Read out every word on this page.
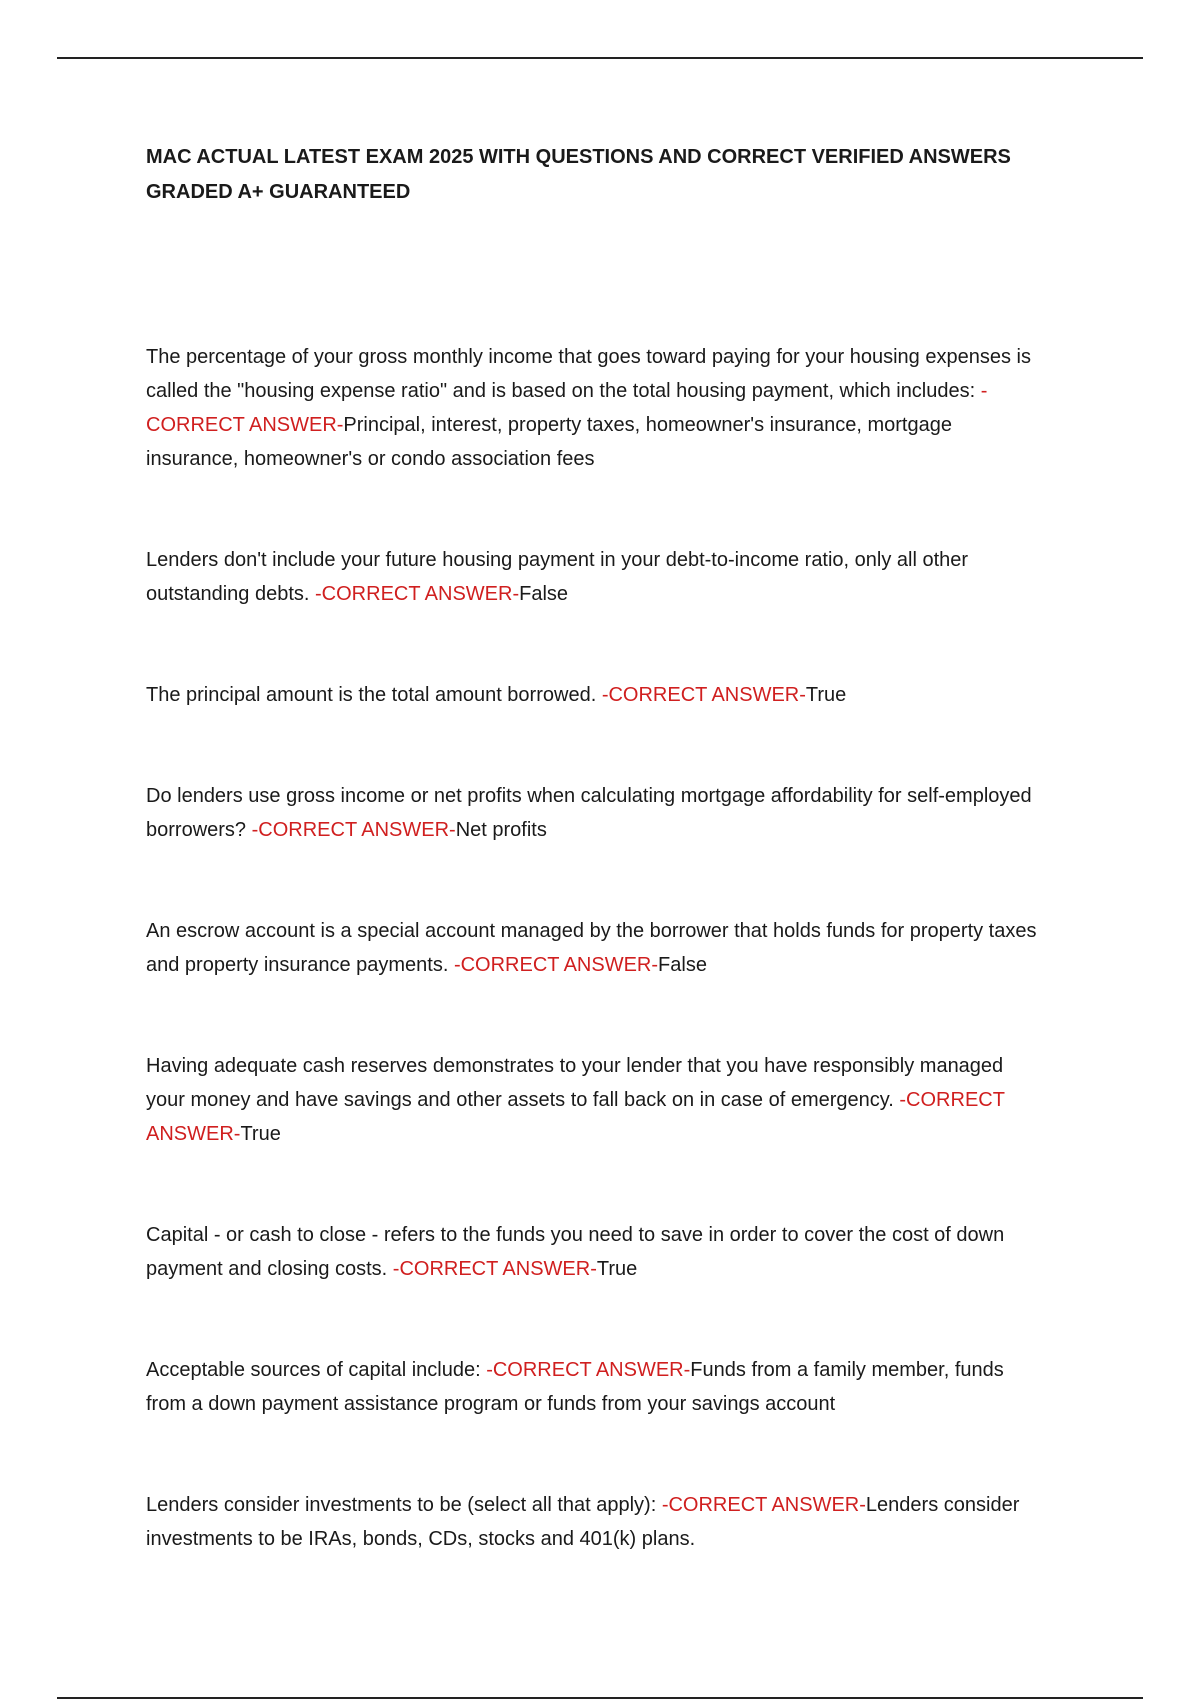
MAC ACTUAL LATEST EXAM 2025 WITH QUESTIONS AND CORRECT VERIFIED ANSWERS GRADED A+ GUARANTEED

The percentage of your gross monthly income that goes toward paying for your housing expenses is called the "housing expense ratio" and is based on the total housing payment, which includes: -CORRECT ANSWER-Principal, interest, property taxes, homeowner's insurance, mortgage insurance, homeowner's or condo association fees

Lenders don't include your future housing payment in your debt-to-income ratio, only all other outstanding debts. -CORRECT ANSWER-False

The principal amount is the total amount borrowed. -CORRECT ANSWER-True

Do lenders use gross income or net profits when calculating mortgage affordability for self-employed borrowers? -CORRECT ANSWER-Net profits

An escrow account is a special account managed by the borrower that holds funds for property taxes and property insurance payments. -CORRECT ANSWER-False

Having adequate cash reserves demonstrates to your lender that you have responsibly managed your money and have savings and other assets to fall back on in case of emergency. -CORRECT ANSWER-True

Capital - or cash to close - refers to the funds you need to save in order to cover the cost of down payment and closing costs. -CORRECT ANSWER-True

Acceptable sources of capital include: -CORRECT ANSWER-Funds from a family member, funds from a down payment assistance program or funds from your savings account

Lenders consider investments to be (select all that apply): -CORRECT ANSWER-Lenders consider investments to be IRAs, bonds, CDs, stocks and 401(k) plans.
